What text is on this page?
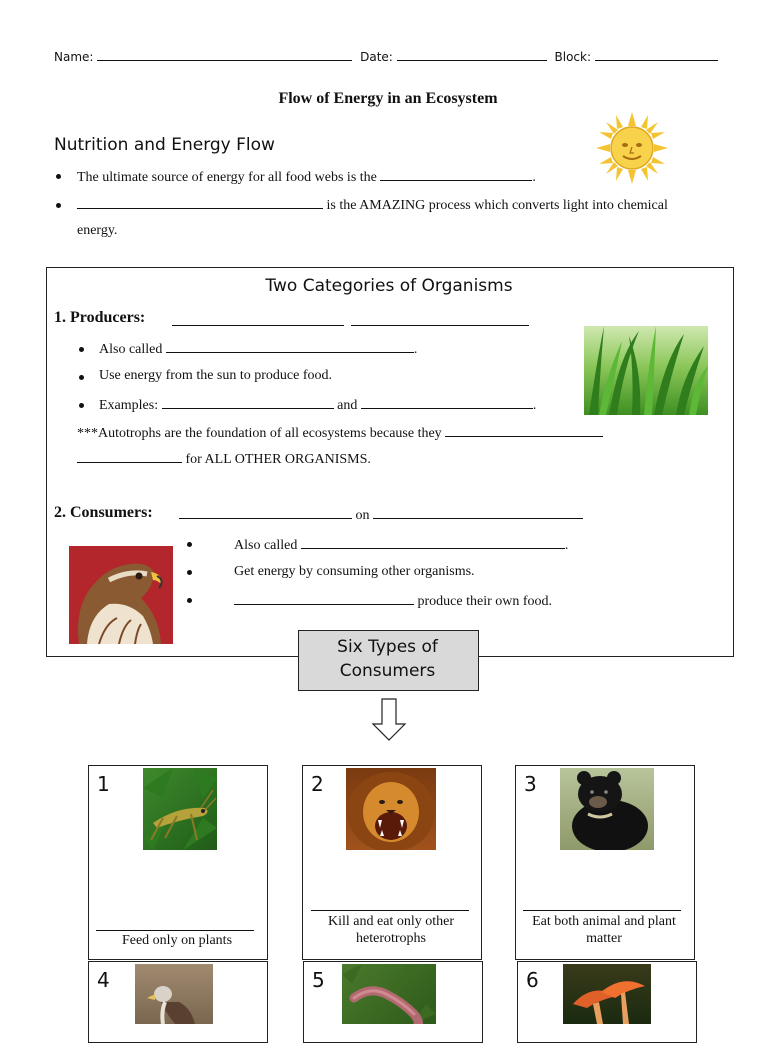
Name:	Date:	Block:
Flow of Energy in an Ecosystem
Nutrition and Energy Flow
The ultimate source of energy for all food webs is the	.
is the AMAZING process which converts light into chemical
energy.
Two Categories of Organisms
1. Producers:

Also called	.
Use energy from the sun to produce food.
Examples:	and	.
***Autotrophs are the foundation of all ecosystems because they
for ALL OTHER ORGANISMS.
2. Consumers:	on
Also called	.
Get energy by consuming other organisms.
produce their own food.
Six Types of
Consumers
1
Feed only on plants
2
Kill and eat only other
heterotrophs
3
Eat both animal and plant
matter
4	5	6
